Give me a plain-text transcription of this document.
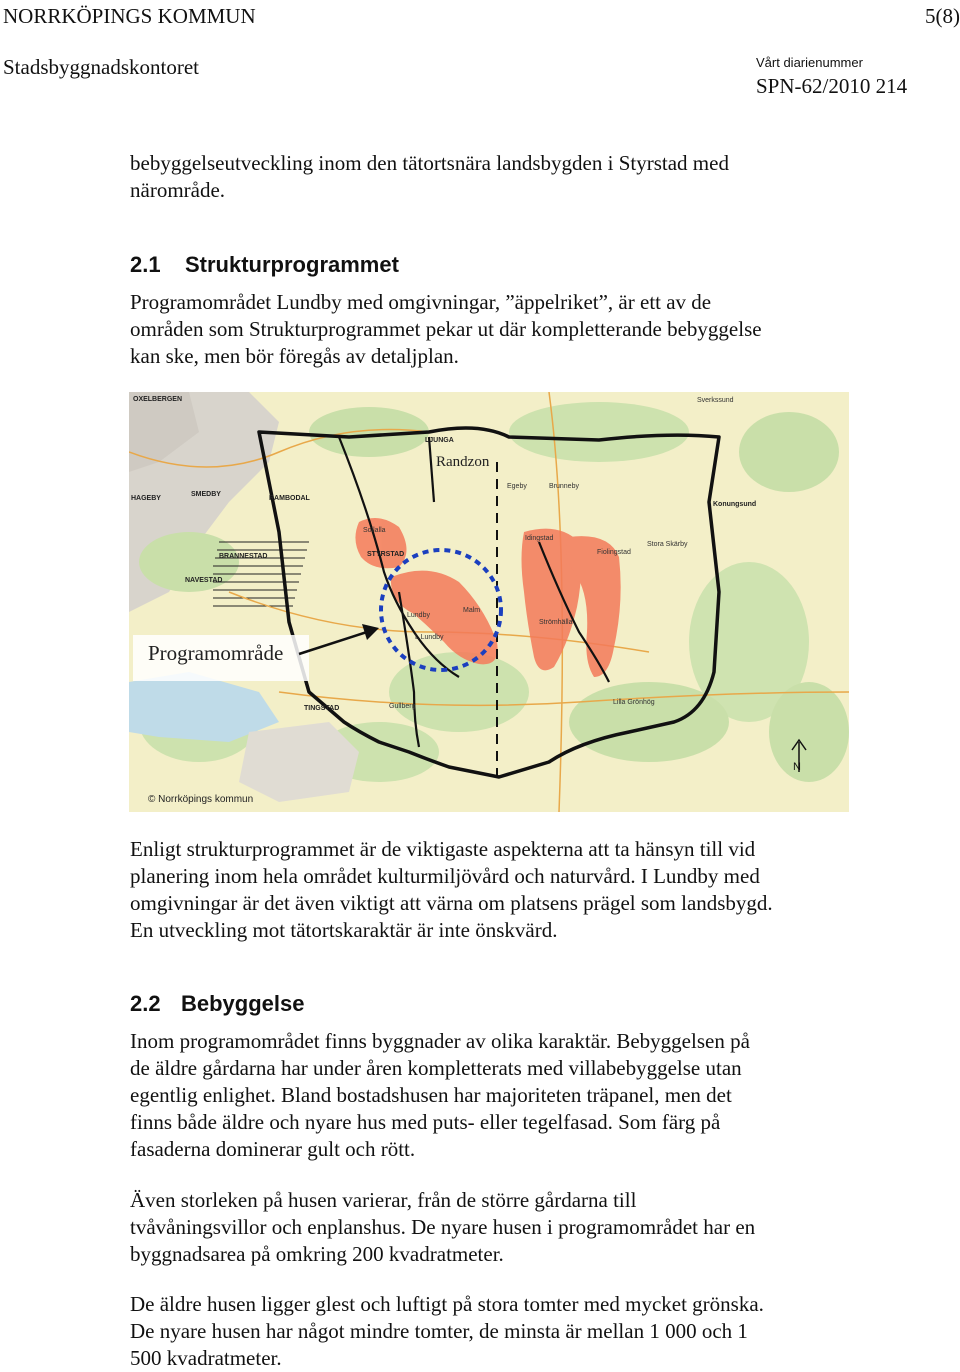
NORRKÖPINGS KOMMUN	5(8)
Stadsbyggnadskontoret	Vårt diarienummer
SPN-62/2010 214
bebyggelseutveckling inom den tätortsnära landsbygden i Styrstad med
närområde.
2.1 Strukturprogrammet
Programområdet Lundby med omgivningar, ”äppelriket”, är ett av de
områden som Strukturprogrammet pekar ut där kompletterande bebyggelse
kan ske, men bör föregås av detaljplan.
OXELBERGEN
SMEDBY
HAGEBY	RAMBODAL
BRANNESTAD
NAVESTAD
STYRSTAD
TINGSTAD
LJUNGA
Konungsund
Lundby
L Lundby
Malm
Sollalla
Idingstad
Fiolingstad
Strömhälla
Gullberg
Egeby	Brunneby
Lilla Grönhög
Stora Skärby
Sverkssund
Randzon
Programområde
N
© Norrköpings kommun
Enligt strukturprogrammet är de viktigaste aspekterna att ta hänsyn till vid
planering inom hela området kulturmiljövård och naturvård. I Lundby med
omgivningar är det även viktigt att värna om platsens prägel som landsbygd.
En utveckling mot tätortskaraktär är inte önskvärd.
2.2 Bebyggelse
Inom programområdet finns byggnader av olika karaktär. Bebyggelsen på
de äldre gårdarna har under åren kompletterats med villabebyggelse utan
egentlig enlighet. Bland bostadshusen har majoriteten träpanel, men det
finns både äldre och nyare hus med puts- eller tegelfasad. Som färg på
fasaderna dominerar gult och rött.
Även storleken på husen varierar, från de större gårdarna till
tvåvåningsvillor och enplanshus. De nyare husen i programområdet har en
byggnadsarea på omkring 200 kvadratmeter.
De äldre husen ligger glest och luftigt på stora tomter med mycket grönska.
De nyare husen har något mindre tomter, de minsta är mellan 1 000 och 1
500 kvadratmeter.
